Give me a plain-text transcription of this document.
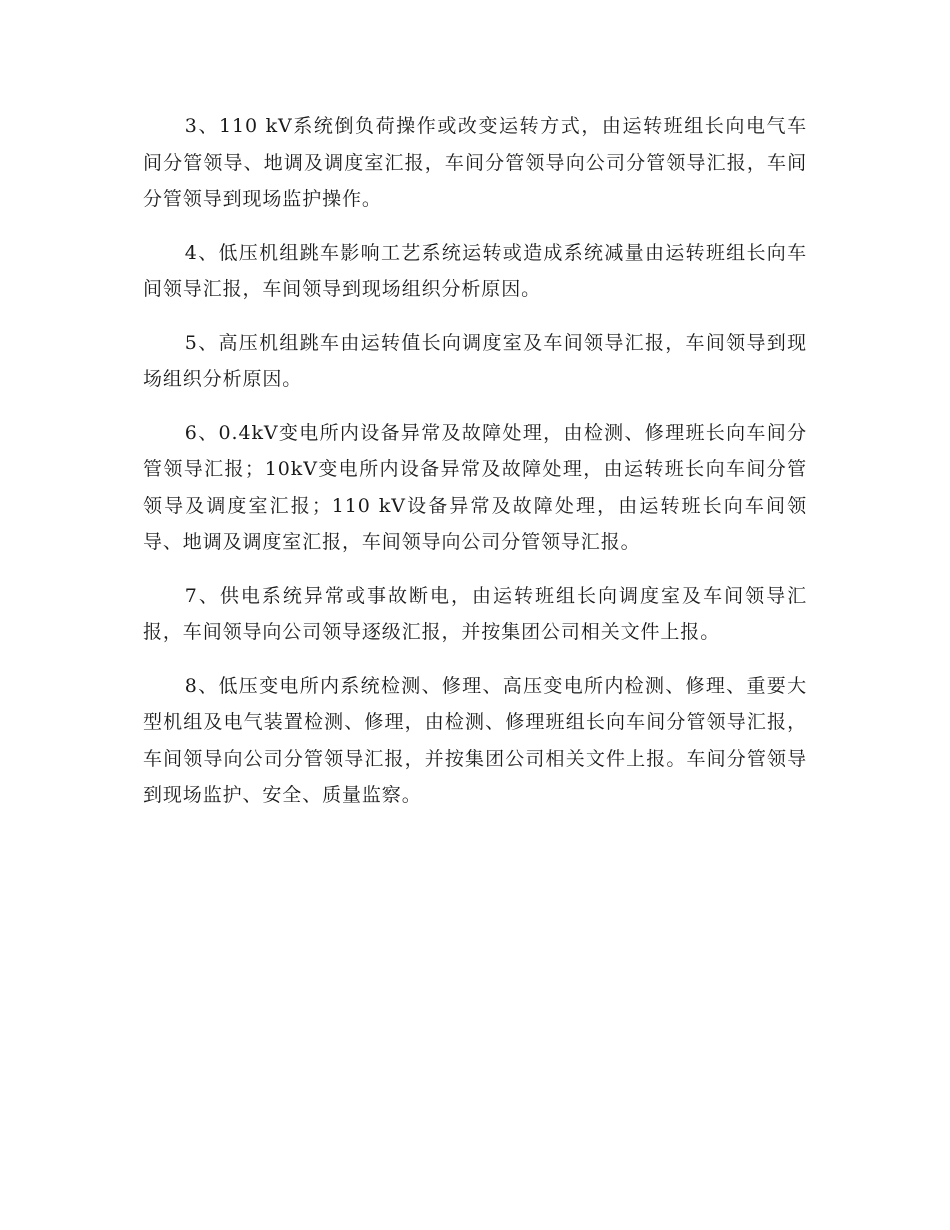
3、110 kV系统倒负荷操作或改变运转方式，由运转班组长向电气车间分管领导、地调及调度室汇报，车间分管领导向公司分管领导汇报，车间分管领导到现场监护操作。

4、低压机组跳车影响工艺系统运转或造成系统减量由运转班组长向车间领导汇报，车间领导到现场组织分析原因。

5、高压机组跳车由运转值长向调度室及车间领导汇报，车间领导到现场组织分析原因。

6、0.4kV变电所内设备异常及故障处理，由检测、修理班长向车间分管领导汇报；10kV变电所内设备异常及故障处理，由运转班长向车间分管领导及调度室汇报；110 kV设备异常及故障处理，由运转班长向车间领导、地调及调度室汇报，车间领导向公司分管领导汇报。

7、供电系统异常或事故断电，由运转班组长向调度室及车间领导汇报，车间领导向公司领导逐级汇报，并按集团公司相关文件上报。

8、低压变电所内系统检测、修理、高压变电所内检测、修理、重要大型机组及电气装置检测、修理，由检测、修理班组长向车间分管领导汇报，车间领导向公司分管领导汇报，并按集团公司相关文件上报。车间分管领导到现场监护、安全、质量监察。
